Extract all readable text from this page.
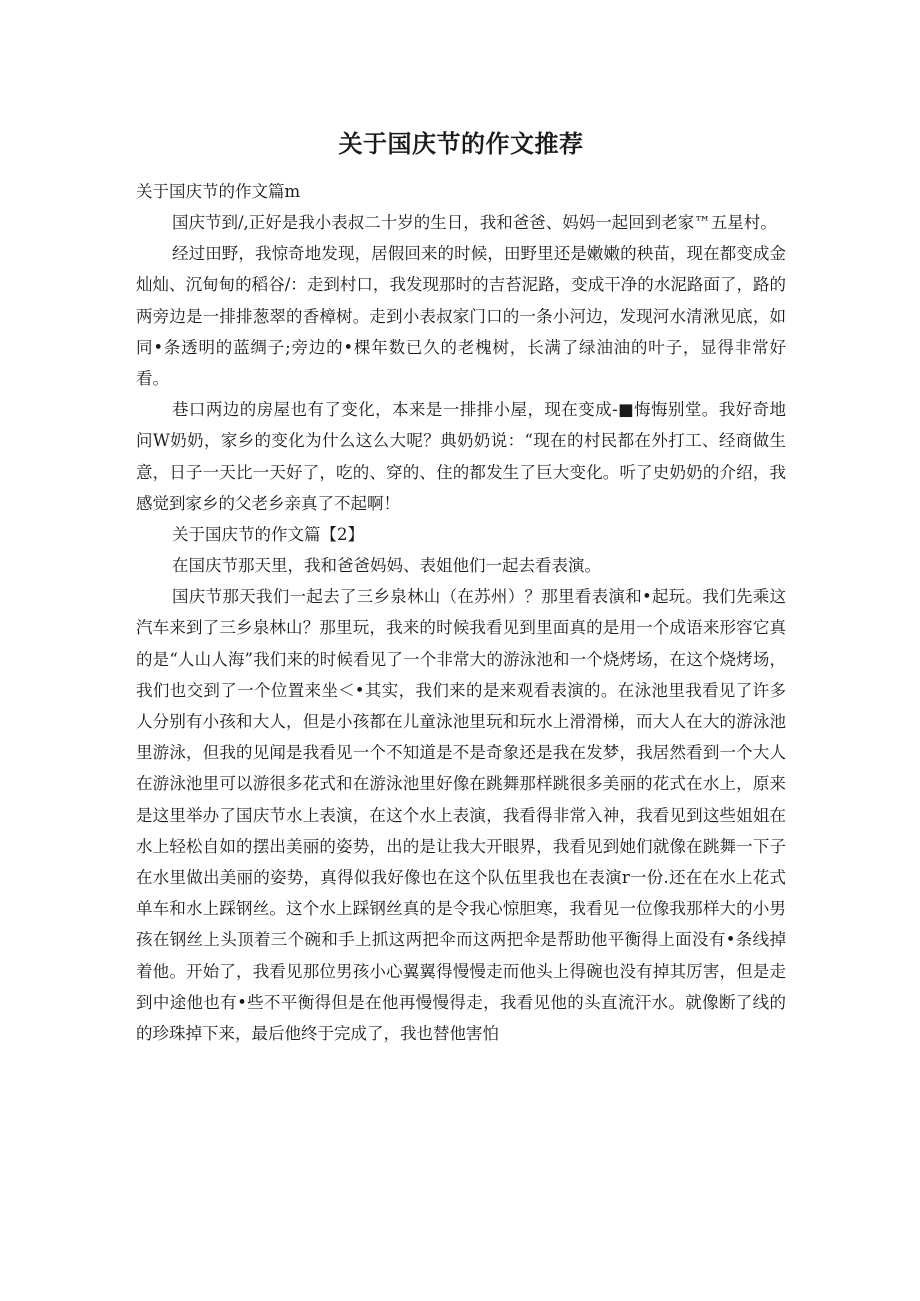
关于国庆节的作文推荐

关于国庆节的作文篇m

国庆节到/,正好是我小表叔二十岁的生日，我和爸爸、妈妈一起回到老家™五星村。

经过田野，我惊奇地发现，居假回来的时候，田野里还是嫩嫩的秧苗，现在都变成金灿灿、沉甸甸的稻谷/：走到村口，我发现那时的吉苔泥路，变成干净的水泥路面了，路的两旁边是一排排葱翠的香樟树。走到小表叔家门口的一条小河边，发现河水清湫见底，如同•条透明的蓝绸子;旁边的•棵年数已久的老槐树，长满了绿油油的叶子，显得非常好看。

巷口两边的房屋也有了变化，本来是一排排小屋，现在变成-■悔悔别堂。我好奇地问W奶奶，家乡的变化为什么这么大呢？典奶奶说：“现在的村民都在外打工、经商做生意，日子一天比一天好了，吃的、穿的、住的都发生了巨大变化。听了史奶奶的介绍，我感觉到家乡的父老乡亲真了不起啊！

关于国庆节的作文篇【2】

在国庆节那天里，我和爸爸妈妈、表姐他们一起去看表演。

国庆节那天我们一起去了三乡泉林山（在苏州）？那里看表演和•起玩。我们先乘这汽车来到了三乡泉林山？那里玩，我来的时候我看见到里面真的是用一个成语来形容它真的是“人山人海”我们来的时候看见了一个非常大的游泳池和一个烧烤场，在这个烧烤场，我们也交到了一个位置来坐＜•其实，我们来的是来观看表演的。在泳池里我看见了许多人分别有小孩和大人，但是小孩都在儿童泳池里玩和玩水上滑滑梯，而大人在大的游泳池里游泳，但我的见闻是我看见一个不知道是不是奇象还是我在发梦，我居然看到一个大人在游泳池里可以游很多花式和在游泳池里好像在跳舞那样跳很多美丽的花式在水上，原来是这里举办了国庆节水上表演，在这个水上表演，我看得非常入神，我看见到这些姐姐在水上轻松自如的摆出美丽的姿势，出的是让我大开眼界，我看见到她们就像在跳舞一下子在水里做出美丽的姿势，真得似我好像也在这个队伍里我也在表演r一份.还在在水上花式单车和水上踩钢丝。这个水上踩钢丝真的是令我心惊胆寒，我看见一位像我那样大的小男孩在钢丝上头顶着三个碗和手上抓这两把伞而这两把伞是帮助他平衡得上面没有•条线掉着他。开始了，我看见那位男孩小心翼翼得慢慢走而他头上得碗也没有掉其厉害，但是走到中途他也有•些不平衡得但是在他再慢慢得走，我看见他的头直流汗水。就像断了线的的珍珠掉下来，最后他终于完成了，我也替他害怕
